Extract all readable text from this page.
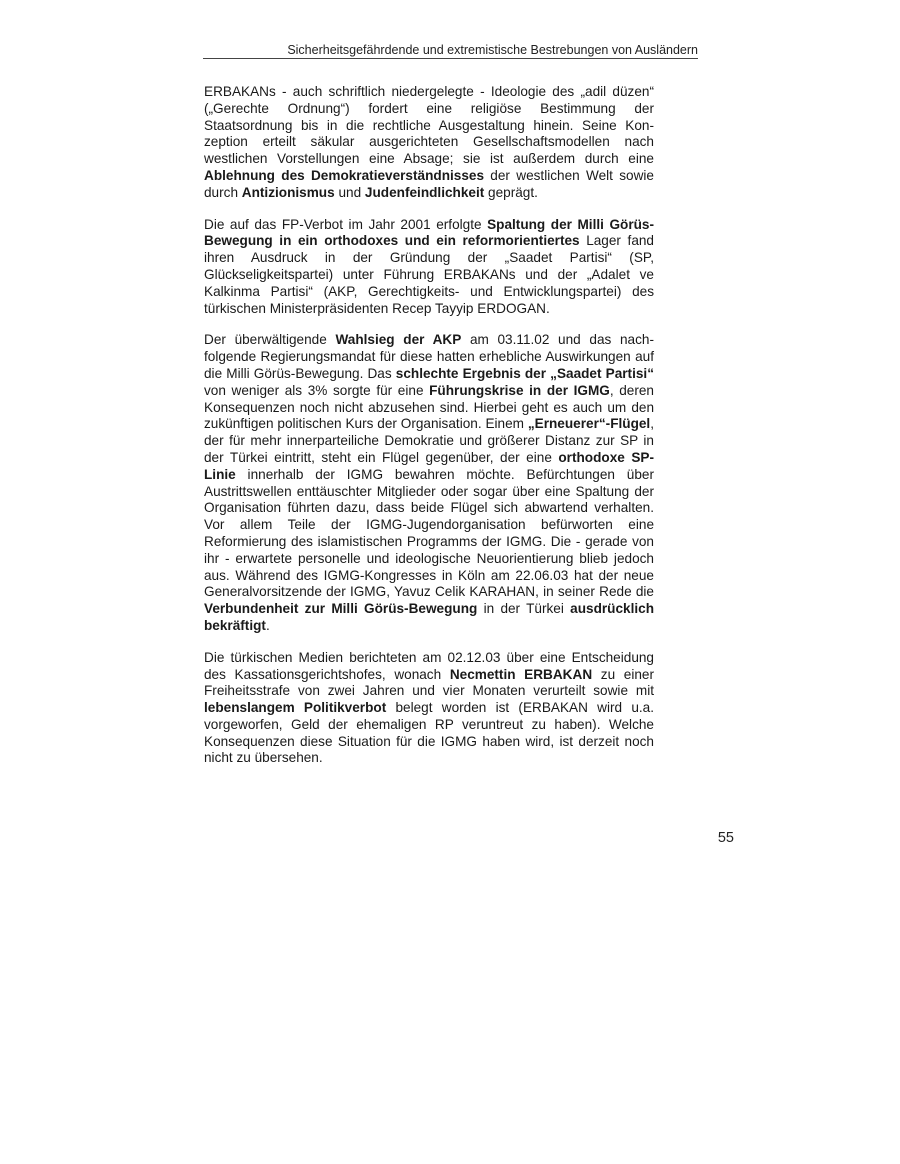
Sicherheitsgefährdende und extremistische Bestrebungen von Ausländern

ERBAKANs - auch schriftlich niedergelegte - Ideologie des „adil düzen“ („Gerechte Ordnung“) fordert eine religiöse Bestimmung der Staatsordnung bis in die rechtliche Ausgestaltung hinein. Seine Konzeption erteilt säkular ausgerichteten Gesellschaftsmodellen nach westlichen Vorstellungen eine Absage; sie ist außerdem durch eine Ablehnung des Demokratieverständnisses der westlichen Welt sowie durch Antizionismus und Judenfeindlichkeit geprägt.

Die auf das FP-Verbot im Jahr 2001 erfolgte Spaltung der Milli Görüs-Bewegung in ein orthodoxes und ein reformorientiertes Lager fand ihren Ausdruck in der Gründung der „Saadet Partisi“ (SP, Glückseligkeitspartei) unter Führung ERBAKANs und der „Adalet ve Kalkinma Partisi“ (AKP, Gerechtigkeits- und Entwicklungspartei) des türkischen Ministerpräsidenten Recep Tayyip ERDOGAN.

Der überwältigende Wahlsieg der AKP am 03.11.02 und das nachfolgende Regierungsmandat für diese hatten erhebliche Auswirkungen auf die Milli Görüs-Bewegung. Das schlechte Ergebnis der „Saadet Partisi“ von weniger als 3% sorgte für eine Führungskrise in der IGMG, deren Konsequenzen noch nicht abzusehen sind. Hierbei geht es auch um den zukünftigen politischen Kurs der Organisation. Einem „Erneuerer“-Flügel, der für mehr innerparteiliche Demokratie und größerer Distanz zur SP in der Türkei eintritt, steht ein Flügel gegenüber, der eine orthodoxe SP-Linie innerhalb der IGMG bewahren möchte. Befürchtungen über Austrittswellen enttäuschter Mitglieder oder sogar über eine Spaltung der Organisation führten dazu, dass beide Flügel sich abwartend verhalten. Vor allem Teile der IGMG-Jugendorganisation befürworten eine Reformierung des islamistischen Programms der IGMG. Die - gerade von ihr - erwartete personelle und ideologische Neuorientierung blieb jedoch aus. Während des IGMG-Kongresses in Köln am 22.06.03 hat der neue Generalvorsitzende der IGMG, Yavuz Celik KARAHAN, in seiner Rede die Verbundenheit zur Milli Görüs-Bewegung in der Türkei ausdrücklich bekräftigt.

Die türkischen Medien berichteten am 02.12.03 über eine Entscheidung des Kassationsgerichtshofes, wonach Necmettin ERBAKAN zu einer Freiheitsstrafe von zwei Jahren und vier Monaten verurteilt sowie mit lebenslangem Politikverbot belegt worden ist (ERBAKAN wird u.a. vorgeworfen, Geld der ehemaligen RP veruntreut zu haben). Welche Konsequenzen diese Situation für die IGMG haben wird, ist derzeit noch nicht zu übersehen.

55
